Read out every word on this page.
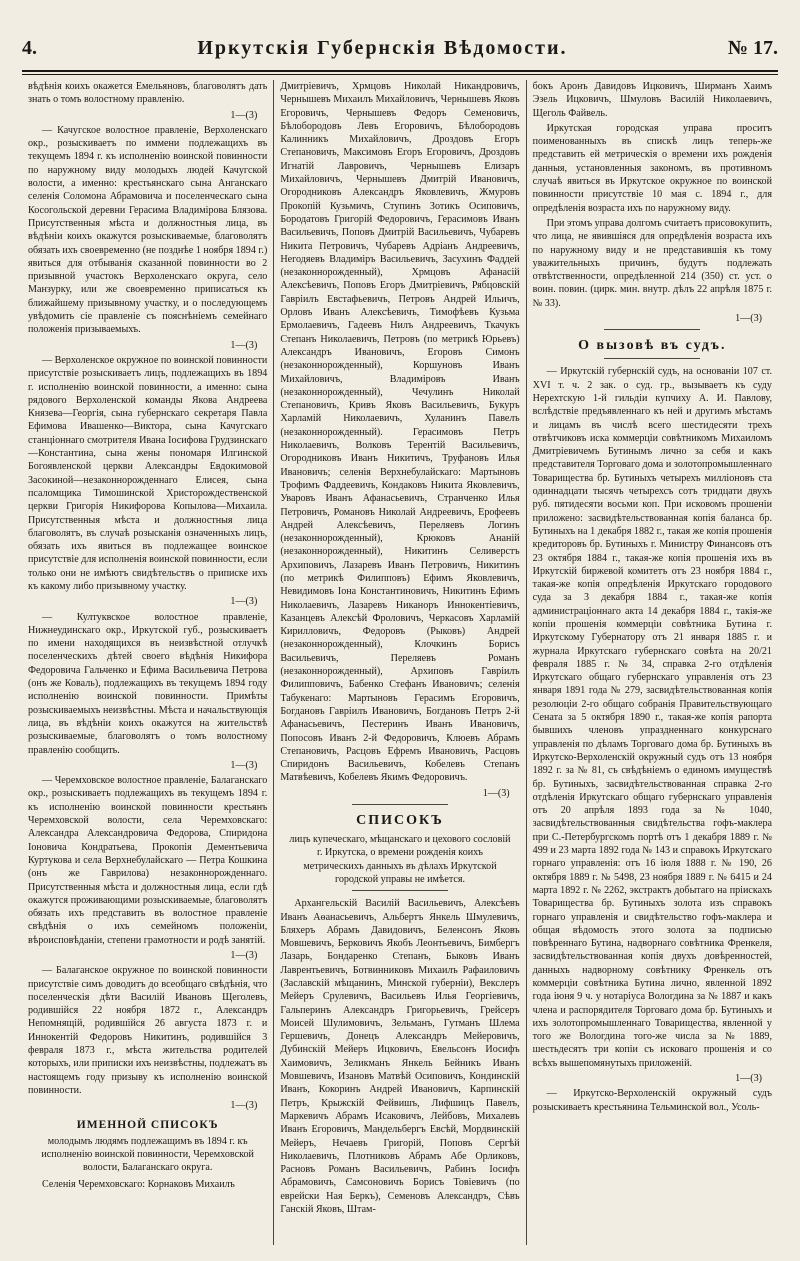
4.	Иркутскія Губернскія Вѣдомости.	№ 17.

вѣдѣнія коихъ окажется Емельяновъ, благоволятъ дать знать о томъ волостному правленію.

1—(3)

— Качугское волостное правленіе, Верхоленскаго окр., розыскиваетъ по иммени подлежащихъ въ текущемъ 1894 г. къ исполненію воинской повинности по наружному виду молодыхъ людей Качугской волости, а именно: крестьянскаго сына Анганскаго селенія Соломона Абрамовича и поселенческаго сына Косогольской деревни Герасима Владимірова Блязова. Присутственныя мѣста и должностныя лица, въ вѣдѣніи коихъ окажутся розыскиваемые, благоволятъ обязать ихъ своевременно (не позднѣе 1 ноября 1894 г.) явиться для отбыванія сказанной повинности во 2 призывной участокъ Верхоленскаго округа, село Манзурку, или же своевременно приписаться къ ближайшему призывному участку, и о последующемъ увѣдомить сіе правленіе съ пояснѣніемъ семейнаго положенія призываемыхъ.

1—(3)

— Верхоленское окружное по воинской повинности присутствіе розыскиваетъ лицъ, подлежащихъ въ 1894 г. исполненію воинской повинности, а именно: сына рядового Верхоленской команды Якова Андреева Князева—Георгія, сына губернскаго секретаря Павла Ефимова Ивашенко—Виктора, сына Качугскаго станціоннаго смотрителя Ивана Іосифова Грудзинскаго—Константина, сына жены пономаря Илгинской Богоявленской церкви Александры Евдокимовой Засокиной—незаконнорожденнаго Елисея, сына псаломщика Тимошинской Христорождественской церкви Григорія Никифорова Копылова—Михаила. Присутственныя мѣста и должностныя лица благоволятъ, въ случаѣ розысканія означенныхъ лицъ, обязать ихъ явиться въ подлежащее воинское присутствіе для исполненія воинской повинности, если только они не имѣютъ свидѣтельствъ о приписке ихъ къ какому либо призывному участку.

1—(3)

— Култуквское волостное правленіе, Нижнеудинскаго окр., Иркутской губ., розыскиваетъ по имени находящихся въ неизвѣстной отлучкѣ поселенческихъ дѣтей своего вѣдѣнія Никифора Федоровича Гальченко и Ефима Васильевича Петрова (онъ же Коваль), подлежащихъ въ текущемъ 1894 году исполненію воинской повинности. Примѣты розыскиваемыхъ неизвѣстны. Мѣста и начальствующія лица, въ вѣдѣніи коихъ окажутся на жительствѣ розыскиваемые, благоволятъ о томъ волостному правленію сообщить.

1—(3)

— Черемховское волостное правленіе, Балаганскаго окр., розыскиваетъ подлежащихъ въ текущемъ 1894 г. къ исполненію воинской повинности крестьянъ Черемховской волости, села Черемховскаго: Александра Александровича Федорова, Спиридона Іоновича Кондратьева, Прокопія Дементьевича Куртукова и села Верхнебулайскаго — Петра Кошкина (онъ же Гаврилова) незаконнорожденнаго. Присутственныя мѣста и должностныя лица, если гдѣ окажутся проживающими розыскиваемые, благоволятъ обязать ихъ представить въ волостное правленіе свѣдѣнія о ихъ семейномъ положеніи, вѣроисповѣданіи, степени грамотности и родѣ занятій.

1—(3)

— Балаганское окружное по воинской повинности присутствіе симъ доводитъ до всеобщаго свѣдѣнія, что поселенческія дѣти Василій Ивановъ Щеголевъ, родившійся 22 ноября 1872 г., Александръ Непомнящій, родившійся 26 августа 1873 г. и Иннокентій Федоровъ Никитинъ, родившійся 3 февраля 1873 г., мѣста жительства родителей которыхъ, или приписки ихъ неизвѣстны, подлежатъ въ настоящемъ году призыву къ исполненію воинской повинности.

1—(3)
ИМЕННОЙ СПИСОКЪ
молодымъ людямъ подлежащимъ въ 1894 г. къ исполненію воинской повинности, Черемховской волости, Балаганскаго округа.

Селенія Черемховскаго: Корнаковъ Михаилъ

Дмитріевичъ, Хрмцовъ Николай Никандровичъ, Чернышевъ Михаилъ Михайловичъ, Чернышевъ Яковъ Егоровичъ, Чернышевъ Федоръ Семеновичъ, Бѣлобородовъ Левъ Егоровичъ, Бѣлобородовъ Калинникъ Михайловичъ, Дроздовъ Егоръ Степановичъ, Максимовъ Егоръ Егоровичъ, Дроздовъ Игнатій Лавровичъ, Чернышевъ Елизаръ Михайловичъ, Чернышевъ Дмитрій Ивановичъ, Огородниковъ Александръ Яковлевичъ, Жмуровъ Прокопій Кузьмичъ, Ступинъ Зотикъ Осиповичъ, Бородатовъ Григорій Федоровичъ, Герасимовъ Иванъ Васильевичъ, Поповъ Дмитрій Васильевичъ, Чубаревъ Никита Петровичъ, Чубаревъ Адріанъ Андреевичъ, Негодяевъ Владиміръ Васильевичъ, Засухинъ Фаддей (незаконнорожденный), Хрмцовъ Афанасій Алексѣевичъ, Поповъ Егоръ Дмитріевичъ, Рябцовскій Гавріилъ Евстафьевичъ, Петровъ Андрей Ильичъ, Орловъ Иванъ Алексѣевичъ, Тимофѣевъ Кузьма Ермолаевичъ, Гадеевъ Нилъ Андреевичъ, Ткачукъ Степанъ Николаевичъ, Петровъ (по метрикѣ Юрьевъ) Александръ Ивановичъ, Егоровъ Симонъ (незаконнорожденный), Коршуновъ Иванъ Михайловичъ, Владиміровъ Иванъ (незаконнорожденный), Чечулинъ Николай Степановичъ, Кривъ Яковъ Васильевичъ, Букуръ Харламій Николаевичъ, Хуланинъ Павелъ (незаконнорожденный). Герасимовъ Петръ Николаевичъ, Волковъ Терентій Васильевичъ, Огородниковъ Иванъ Никитичъ, Труфановъ Илья Ивановичъ; селенія Верхнебулайскаго: Мартыновъ Трофимъ Фаддеевичъ, Кондаковъ Никита Яковлевичъ, Уваровъ Иванъ Афанасьевичъ, Странченко Илья Петровичъ, Романовъ Николай Андреевичъ, Ерофеевъ Андрей Алексѣевичъ, Переляевъ Логинъ (незаконнорожденный), Крюковъ Ананій (незаконнорожденный), Никитинъ Селиверстъ Архиповичъ, Лазаревъ Иванъ Петровичъ, Никитинъ (по метрикѣ Филипповъ) Ефимъ Яковлевичъ, Невидимовъ Іона Константиновичъ, Никитинъ Ефимъ Николаевичъ, Лазаревъ Никаноръ Иннокентіевичъ, Казанцевъ Алексѣй Фроловичъ, Черкасовъ Харламій Кирилловичъ, Федоровъ (Рыковъ) Андрей (незаконнорожденный), Клочкинъ Борисъ Васильевичъ, Переляевъ Романъ (незаконнорожденный), Архиповъ Гавріилъ Филипповичъ, Бабенко Стефанъ Ивановичъ; селенія Табукенаго: Мартыновъ Герасимъ Егоровичъ, Богдановъ Гавріилъ Ивановичъ, Богдановъ Петръ 2-й Афанасьевичъ, Пестеринъ Иванъ Ивановичъ, Попосовъ Иванъ 2-й Федоровичъ, Клюевъ Абрамъ Степановичъ, Расцовъ Ефремъ Ивановичъ, Расцовъ Спиридонъ Васильевичъ, Кобелевъ Степанъ Матвѣевичъ, Кобелевъ Якимъ Федоровичъ.

1—(3)
СПИСОКЪ
лицъ купеческаго, мѣщанскаго и цехового сословій г. Иркутска, о времени рожденія коихъ метрическихъ данныхъ въ дѣлахъ Иркутской городской управы не имѣется.

Архангельскій Василій Васильевичъ, Алексѣевъ Иванъ Аѳанасьевичъ, Альбертъ Янкель Шмулевичъ, Бляхеръ Абрамъ Давидовичъ, Беленсонъ Яковъ Мовшевичъ, Берковичъ Якобъ Леонтьевичъ, Бимбергъ Лазарь, Бондаренко Степанъ, Быковъ Иванъ Лаврентьевичъ, Ботвинниковъ Михаилъ Рафаиловичъ (Заславскій мѣщанинъ, Минской губерніи), Векслеръ Мейеръ Срулевичъ, Васильевъ Илья Георгіевичъ, Гальперинъ Александръ Григорьевичъ, Грейсеръ Моисей Шулимовичъ, Зельманъ, Гутманъ Шлема Гершевичъ, Донецъ Александръ Мейеровичъ, Дубинскій Мейеръ Ицковичъ, Евельсонъ Иосифъ Хаимовичъ, Зеликманъ Янкель Бейникъ Иванъ Мовшевичъ, Изановъ Матвѣй Осиповичъ, Кондинскій Иванъ, Кокоринъ Андрей Ивановичъ, Карпинскій Петръ, Крыжскій Фейвишъ, Лифшицъ Павелъ, Маркевичъ Абрамъ Исаковичъ, Лейбовъ, Михалевъ Иванъ Егоровичъ, Мандельбергъ Евсѣй, Мордвинскій Мейеръ, Нечаевъ Григорій, Поповъ Сергѣй Николаевичъ, Плотниковъ Абрамъ Абе Орликовъ, Расновъ Романъ Васильевичъ, Рабинъ Іосифъ Абрамовичъ, Самсоновичъ Борисъ Товіевичъ (по еврейски Ная Беркъ), Семеновъ Александръ, Сѣвъ Ганскій Яковъ, Штам-

бокъ Аронъ Давидовъ Ицковичъ, Ширманъ Хаимъ Эзель Ицковичъ, Шмуловъ Василій Николаевичъ, Щеголь Файвель.

Иркутская городская управа проситъ поименованныхъ въ спискѣ лицъ теперь-же представить ей метрическія о времени ихъ рожденія данныя, установленныя закономъ, въ противномъ случаѣ явиться въ Иркутское окружное по воинской повинности присутствіе 10 мая с. 1894 г., для опредѣленія возраста ихъ по наружному виду.

При этомъ управа долгомъ считаетъ присовокупить, что лица, не явившіяся для опредѣленія возраста ихъ по наружному виду и не представившія къ тому уважительныхъ причинъ, будутъ подлежать отвѣтственности, опредѣленной 214 (350) ст. уст. о воин. повин. (цирк. мин. внутр. дѣлъ 22 апрѣля 1875 г. № 33).

1—(3)
О вызовѣ въ судъ.

— Иркутскій губернскій судъ, на основаніи 107 ст. XVI т. ч. 2 зак. о суд. гр., вызываетъ къ суду Нерехтскую 1-й гильдіи купчиху А. И. Павлову, вслѣдствіе предъявленнаго къ ней и другимъ мѣстамъ и лицамъ въ числѣ всего шестидесяти трехъ отвѣтчиковъ иска коммерціи совѣтникомъ Михаиломъ Дмитріевичемъ Бутинымъ лично за себя и какъ представителя Торговаго дома и золотопромышленнаго Товарищества бр. Бутиныхъ четырехъ милліоновъ ста одиннадцати тысячъ четырехсъ сотъ тридцати двухъ руб. пятидесяти восьми коп. При исковомъ прошеніи приложено: засвидѣтельствованная копія баланса бр. Бутиныхъ на 1 декабря 1882 г., такая же копія прошенія кредиторовъ бр. Бутиныхъ г. Министру Финансовъ отъ 23 октября 1884 г., такая-же копія прошенія ихъ въ Иркутскій биржевой комитетъ отъ 23 ноября 1884 г., такая-же копія опредѣленія Иркутскаго городового суда за 3 декабря 1884 г., такая-же копія администраціоннаго акта 14 декабря 1884 г., такія-же копіи прошенія коммерціи совѣтника Бутина г. Иркутскому Губернатору отъ 21 января 1885 г. и журнала Иркутскаго губернскаго совѣта на 20/21 февраля 1885 г. № 34, справка 2-го отдѣленія Иркутскаго общаго губернскаго управленія отъ 23 января 1891 года № 279, засвидѣтельствованная копія резолюціи 2-го общаго собранія Правительствующаго Сената за 5 октября 1890 г., такая-же копія рапорта бывшихъ членовъ упраздненнаго конкурснаго управленія по дѣламъ Торговаго дома бр. Бутиныхъ въ Иркутско-Верхоленскій окружный судъ отъ 13 ноября 1892 г. за № 81, съ свѣдѣніемъ о единомъ имуществѣ бр. Бутиныхъ, засвидѣтельствованная справка 2-го отдѣленія Иркутскаго общаго губернскаго управленія отъ 20 апрѣля 1893 года за № 1040, засвидѣтельствованныя свидѣтельства гофъ-маклера при С.-Петербургскомъ портѣ отъ 1 декабря 1889 г. № 499 и 23 марта 1892 года № 143 и справокъ Иркутскаго горнаго управленія: отъ 16 іюля 1888 г. № 190, 26 октября 1889 г. № 5498, 23 ноября 1889 г. № 6415 и 24 марта 1892 г. № 2262, экстрактъ добытаго на пріискахъ Товарищества бр. Бутиныхъ золота изъ справокъ горнаго управленія и свидѣтельство гофъ-маклера и общая вѣдомость этого золота за подписью повѣреннаго Бутина, надворнаго совѣтника Френкеля, засвидѣтельствованная копія двухъ довѣренностей, данныхъ надворному совѣтнику Френкель отъ коммерціи совѣтника Бутина лично, явленной 1892 года іюня 9 ч. у нотаріуса Вологдина за № 1887 и какъ члена и распорядителя Торговаго дома бр. Бутиныхъ и ихъ золотопромышленнаго Товарищества, явленной у того же Вологдина того-же числа за № 1889, шестьдесятъ три копіи съ исковаго прошенія и со всѣхъ вышепомянутыхъ приложеній.

1—(3)

— Иркутско-Верхоленскій окружный судъ розыскиваетъ крестьянина Тельминской вол., Усоль-
